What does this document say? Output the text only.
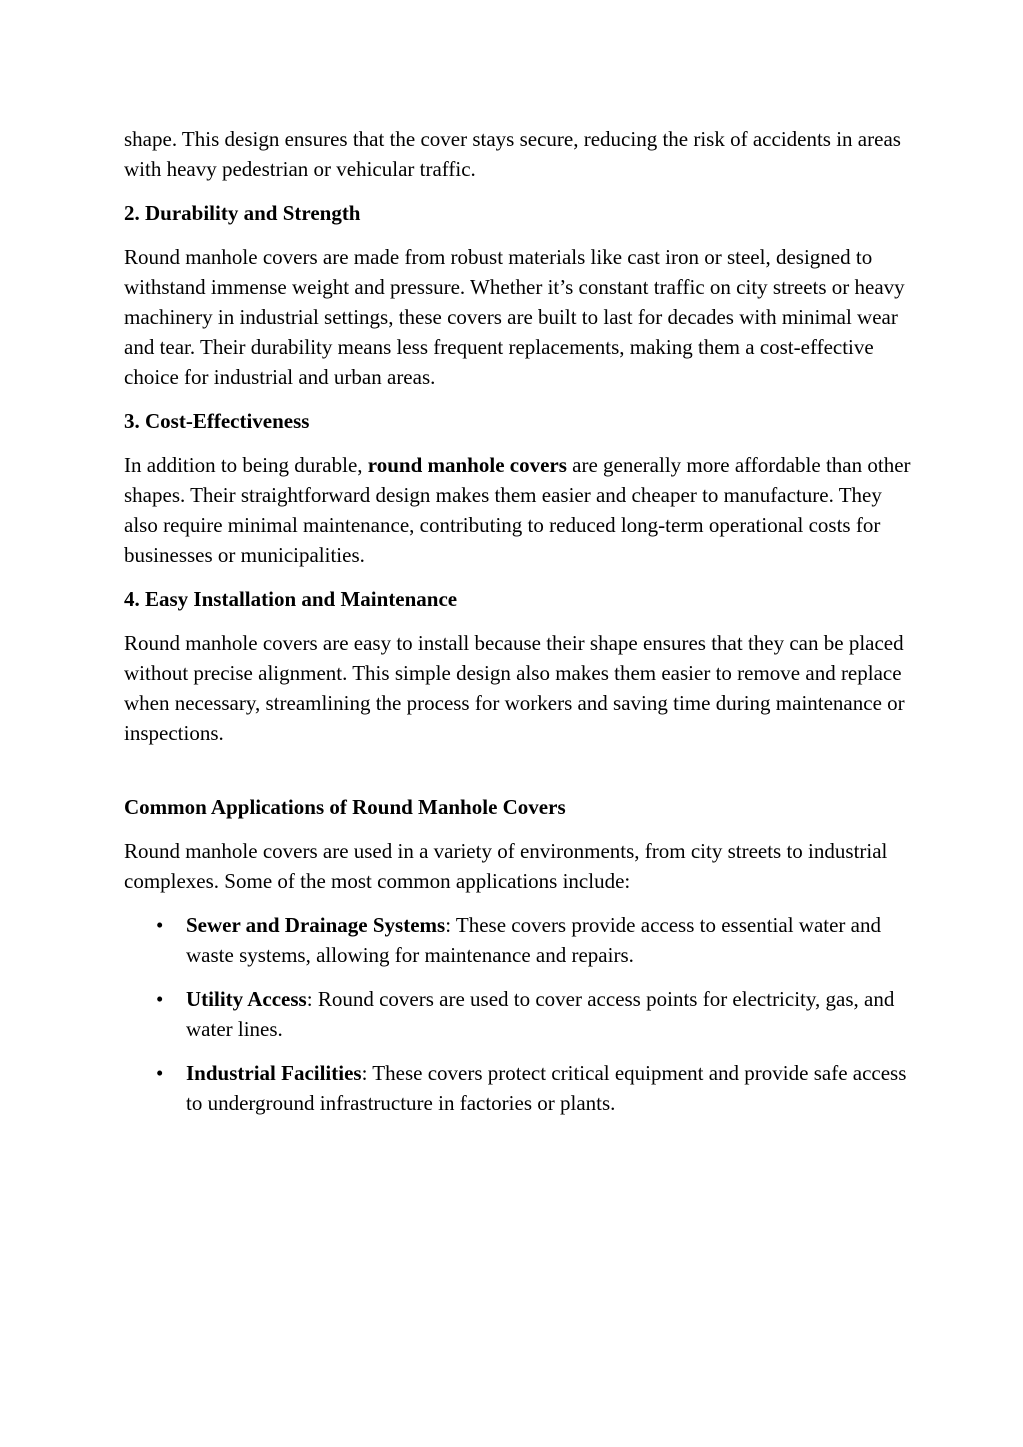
shape. This design ensures that the cover stays secure, reducing the risk of accidents in areas with heavy pedestrian or vehicular traffic.

2. Durability and Strength

Round manhole covers are made from robust materials like cast iron or steel, designed to withstand immense weight and pressure. Whether it’s constant traffic on city streets or heavy machinery in industrial settings, these covers are built to last for decades with minimal wear and tear. Their durability means less frequent replacements, making them a cost-effective choice for industrial and urban areas.

3. Cost-Effectiveness

In addition to being durable, round manhole covers are generally more affordable than other shapes. Their straightforward design makes them easier and cheaper to manufacture. They also require minimal maintenance, contributing to reduced long-term operational costs for businesses or municipalities.

4. Easy Installation and Maintenance

Round manhole covers are easy to install because their shape ensures that they can be placed without precise alignment. This simple design also makes them easier to remove and replace when necessary, streamlining the process for workers and saving time during maintenance or inspections.

Common Applications of Round Manhole Covers

Round manhole covers are used in a variety of environments, from city streets to industrial complexes. Some of the most common applications include:

• Sewer and Drainage Systems: These covers provide access to essential water and waste systems, allowing for maintenance and repairs.
• Utility Access: Round covers are used to cover access points for electricity, gas, and water lines.
• Industrial Facilities: These covers protect critical equipment and provide safe access to underground infrastructure in factories or plants.
